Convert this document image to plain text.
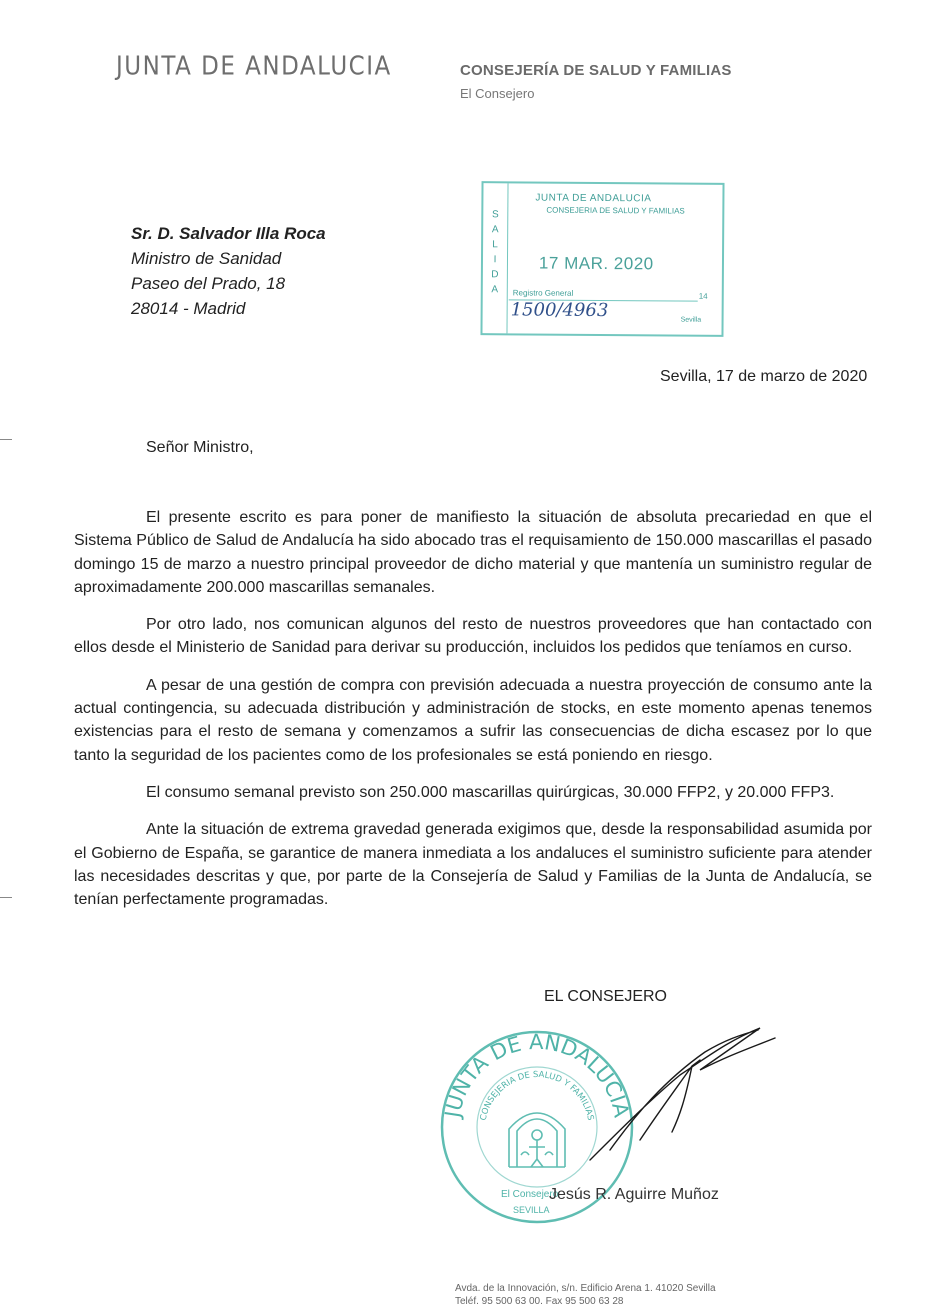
JUNTA DE ANDALUCIA	CONSEJERÍA DE SALUD Y FAMILIAS
El Consejero
Sr. D. Salvador Illa Roca
Ministro de Sanidad
Paseo del Prado, 18
28014 - Madrid
S
A
L
I
D
A
JUNTA DE ANDALUCIA
CONSEJERIA DE SALUD Y FAMILIAS
17 MAR. 2020
Registro General	14
1500/4963	Sevilla
Sevilla, 17 de marzo de 2020
Señor Ministro,

El presente escrito es para poner de manifiesto la situación de absoluta precariedad en que el Sistema Público de Salud de Andalucía ha sido abocado tras el requisamiento de 150.000 mascarillas el pasado domingo 15 de marzo a nuestro principal proveedor de dicho material y que mantenía un suministro regular de aproximadamente 200.000 mascarillas semanales.

Por otro lado, nos comunican algunos del resto de nuestros proveedores que han contactado con ellos desde el Ministerio de Sanidad para derivar su producción, incluidos los pedidos que teníamos en curso.

A pesar de una gestión de compra con previsión adecuada a nuestra proyección de consumo ante la actual contingencia, su adecuada distribución y administración de stocks, en este momento apenas tenemos existencias para el resto de semana y comenzamos a sufrir las consecuencias de dicha escasez por lo que tanto la seguridad de los pacientes como de los profesionales se está poniendo en riesgo.

El consumo semanal previsto son 250.000 mascarillas quirúrgicas, 30.000 FFP2, y 20.000 FFP3.

Ante la situación de extrema gravedad generada exigimos que, desde la responsabilidad asumida por el Gobierno de España, se garantice de manera inmediata a los andaluces el suministro suficiente para atender las necesidades descritas y que, por parte de la Consejería de Salud y Familias de la Junta de Andalucía, se tenían perfectamente programadas.

EL CONSEJERO
JUNTA DE ANDALUCIA
CONSEJERIA DE SALUD Y FAMILIAS
El Consejero
SEVILLA
Jesús R. Aguirre Muñoz
Avda. de la Innovación, s/n. Edificio Arena 1. 41020 Sevilla
Teléf. 95 500 63 00. Fax 95 500 63 28
